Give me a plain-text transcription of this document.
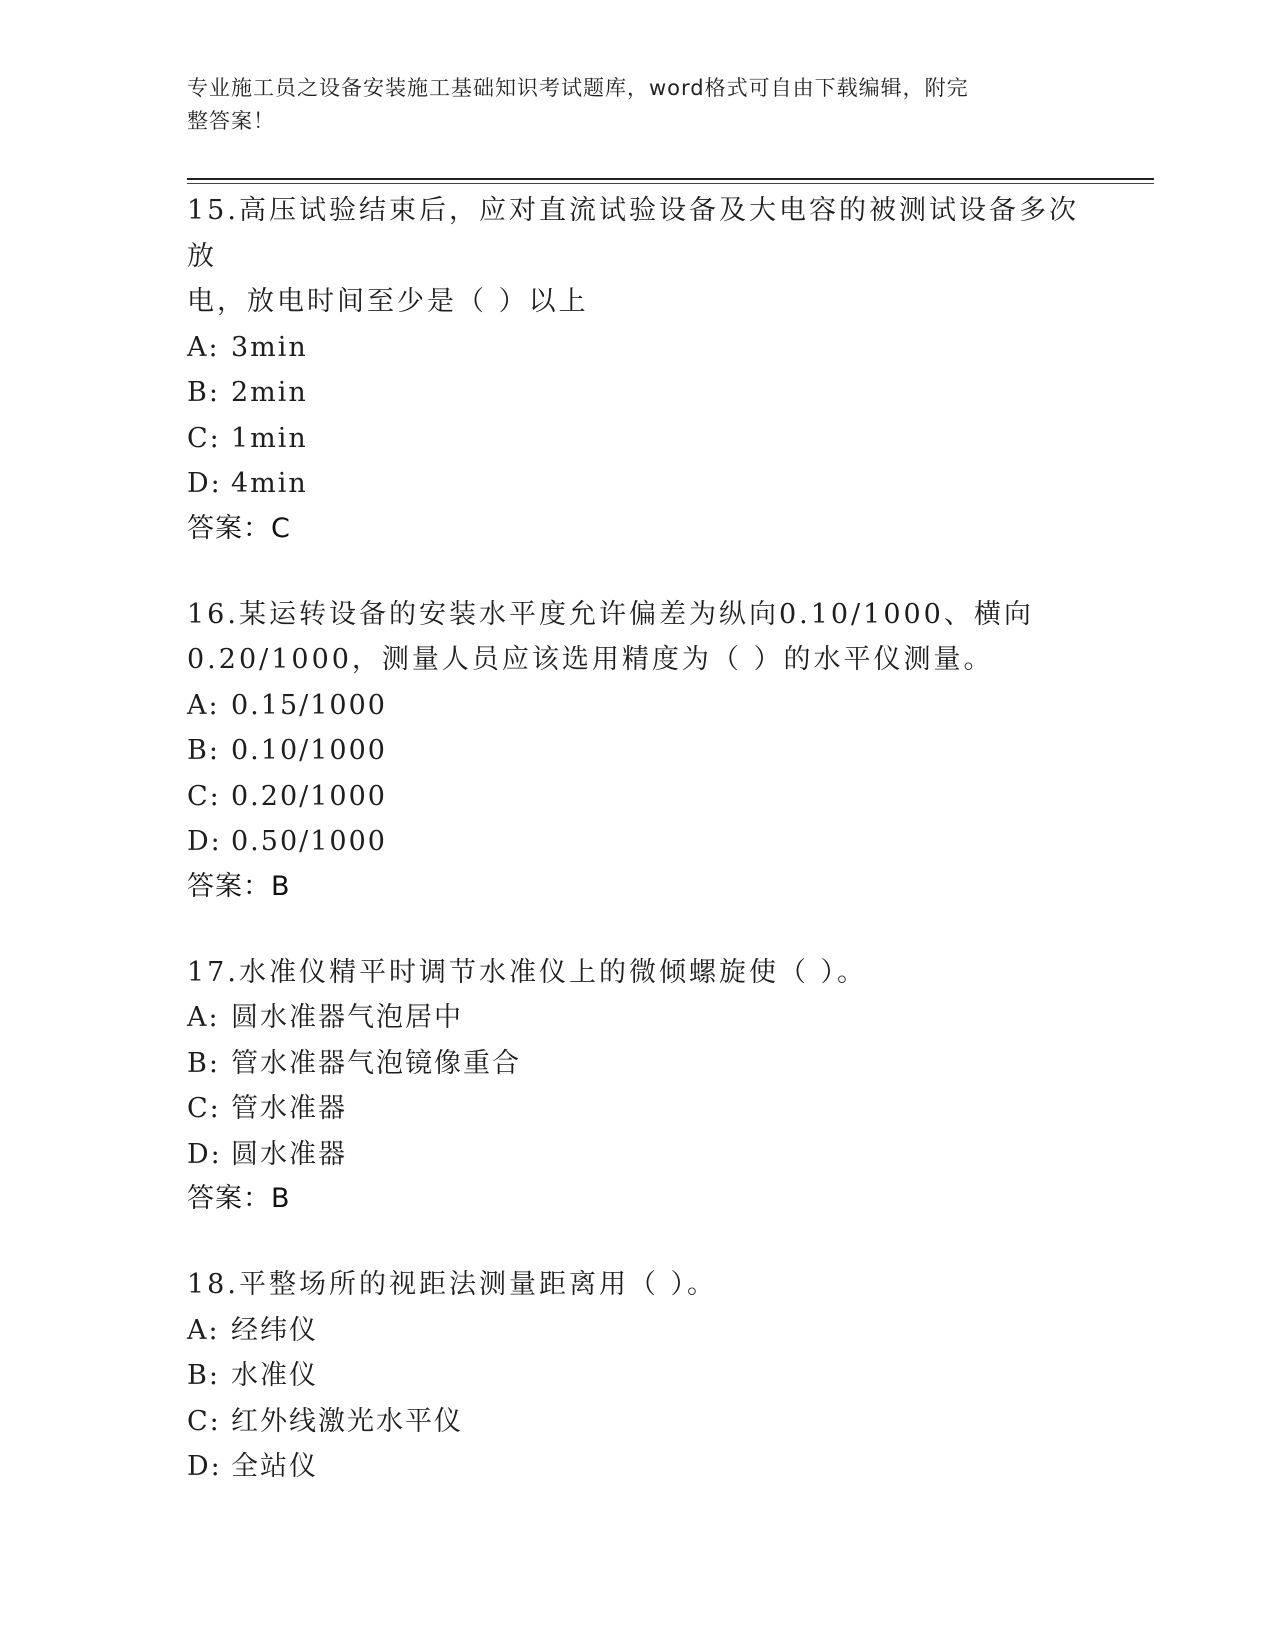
专业施工员之设备安装施工基础知识考试题库，word格式可自由下载编辑，附完
整答案！
15.高压试验结束后，应对直流试验设备及大电容的被测试设备多次放
电，放电时间至少是（ ）以上
A: 3min
B: 2min
C: 1min
D: 4min
答案：C
16.某运转设备的安装水平度允许偏差为纵向0.10/1000、横向
0.20/1000，测量人员应该选用精度为（ ）的水平仪测量。
A: 0.15/1000
B: 0.10/1000
C: 0.20/1000
D: 0.50/1000
答案：B
17.水准仪精平时调节水准仪上的微倾螺旋使（ ）。
A: 圆水准器气泡居中
B: 管水准器气泡镜像重合
C: 管水准器
D: 圆水准器
答案：B
18.平整场所的视距法测量距离用（ ）。
A: 经纬仪
B: 水准仪
C: 红外线激光水平仪
D: 全站仪
